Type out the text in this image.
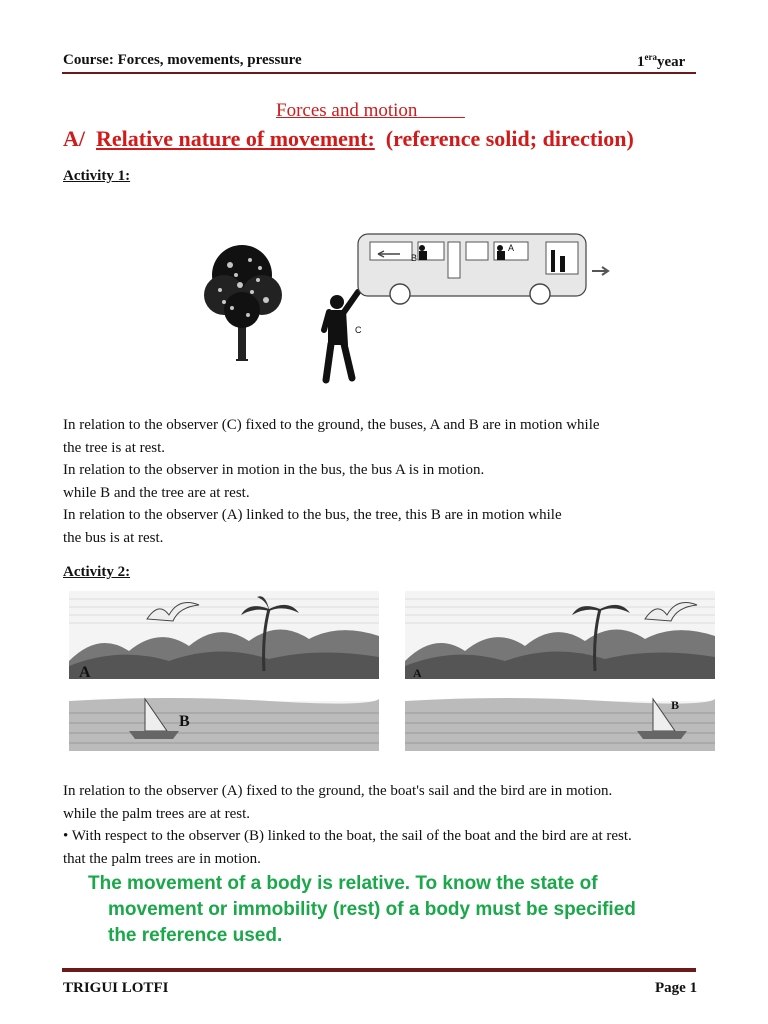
Course: Forces, movements, pressure	$1^{era}year$
Forces and motion
A/ Relative nature of movement: (reference solid; direction)
Activity 1:
C
B
A
In relation to the observer (C) fixed to the ground, the buses, A and B are in motion while
the tree is at rest.
In relation to the observer in motion in the bus, the bus A is in motion.
while B and the tree are at rest.
In relation to the observer (A) linked to the bus, the tree, this B are in motion while
the bus is at rest.
Activity 2:
A
B
A
B
In relation to the observer (A) fixed to the ground, the boat's sail and the bird are in motion.
while the palm trees are at rest.
• With respect to the observer (B) linked to the boat, the sail of the boat and the bird are at rest.
that the palm trees are in motion.
The movement of a body is relative. To know the state of
movement or immobility (rest) of a body must be specified
the reference used.
TRIGUI LOTFI	Page 1
